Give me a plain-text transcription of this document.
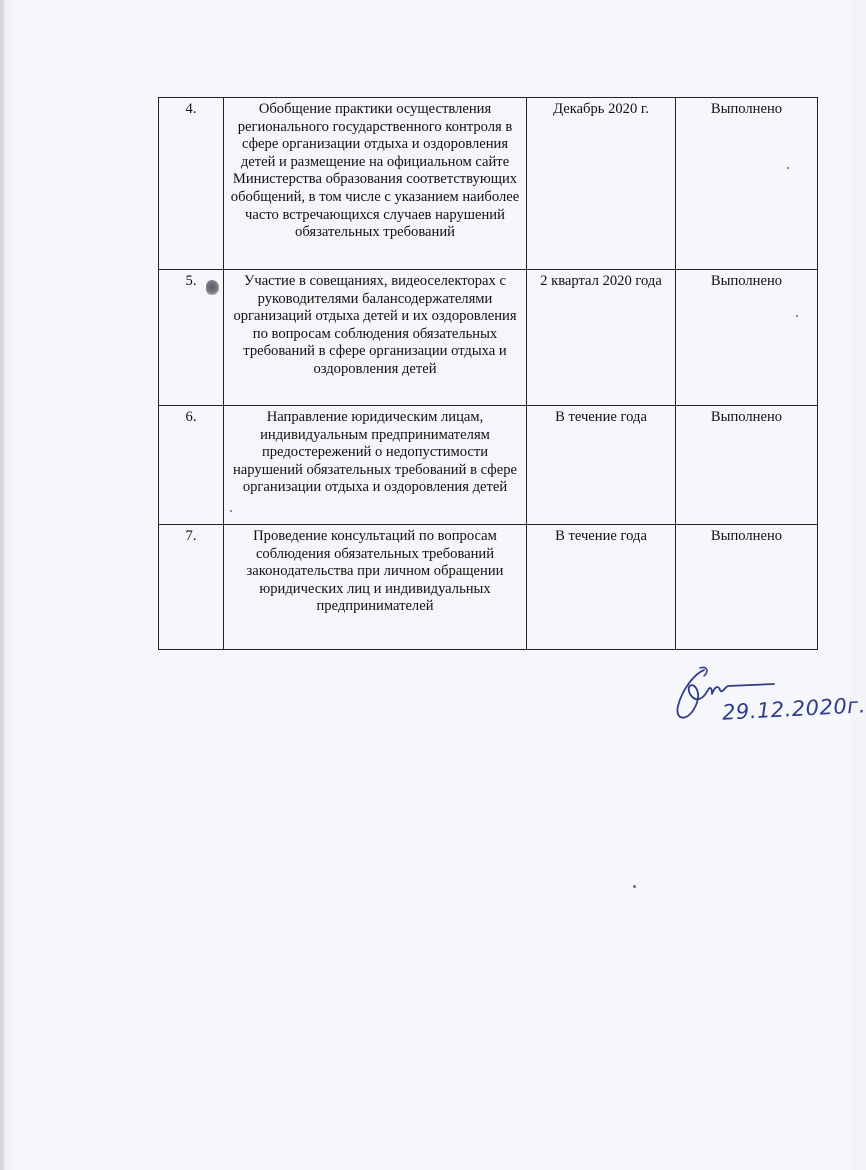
4.	Обобщение практики осуществления регионального государственного контроля в сфере организации отдыха и оздоровления детей и размещение на официальном сайте Министерства образования соответствующих обобщений, в том числе с указанием наиболее часто встречающихся случаев нарушений обязательных требований	Декабрь 2020 г.	Выполнено
5.	Участие в совещаниях, видеоселекторах с руководителями балансодержателями организаций отдыха детей и их оздоровления по вопросам соблюдения обязательных требований в сфере организации отдыха и оздоровления детей	2 квартал 2020 года	Выполнено
6.	Направление юридическим лицам, индивидуальным предпринимателям предостережений о недопустимости нарушений обязательных требований в сфере организации отдыха и оздоровления детей	В течение года	Выполнено
7.	Проведение консультаций по вопросам соблюдения обязательных требований законодательства при личном обращении юридических лиц и индивидуальных предпринимателей	В течение года	Выполнено
29.12.2020г.
